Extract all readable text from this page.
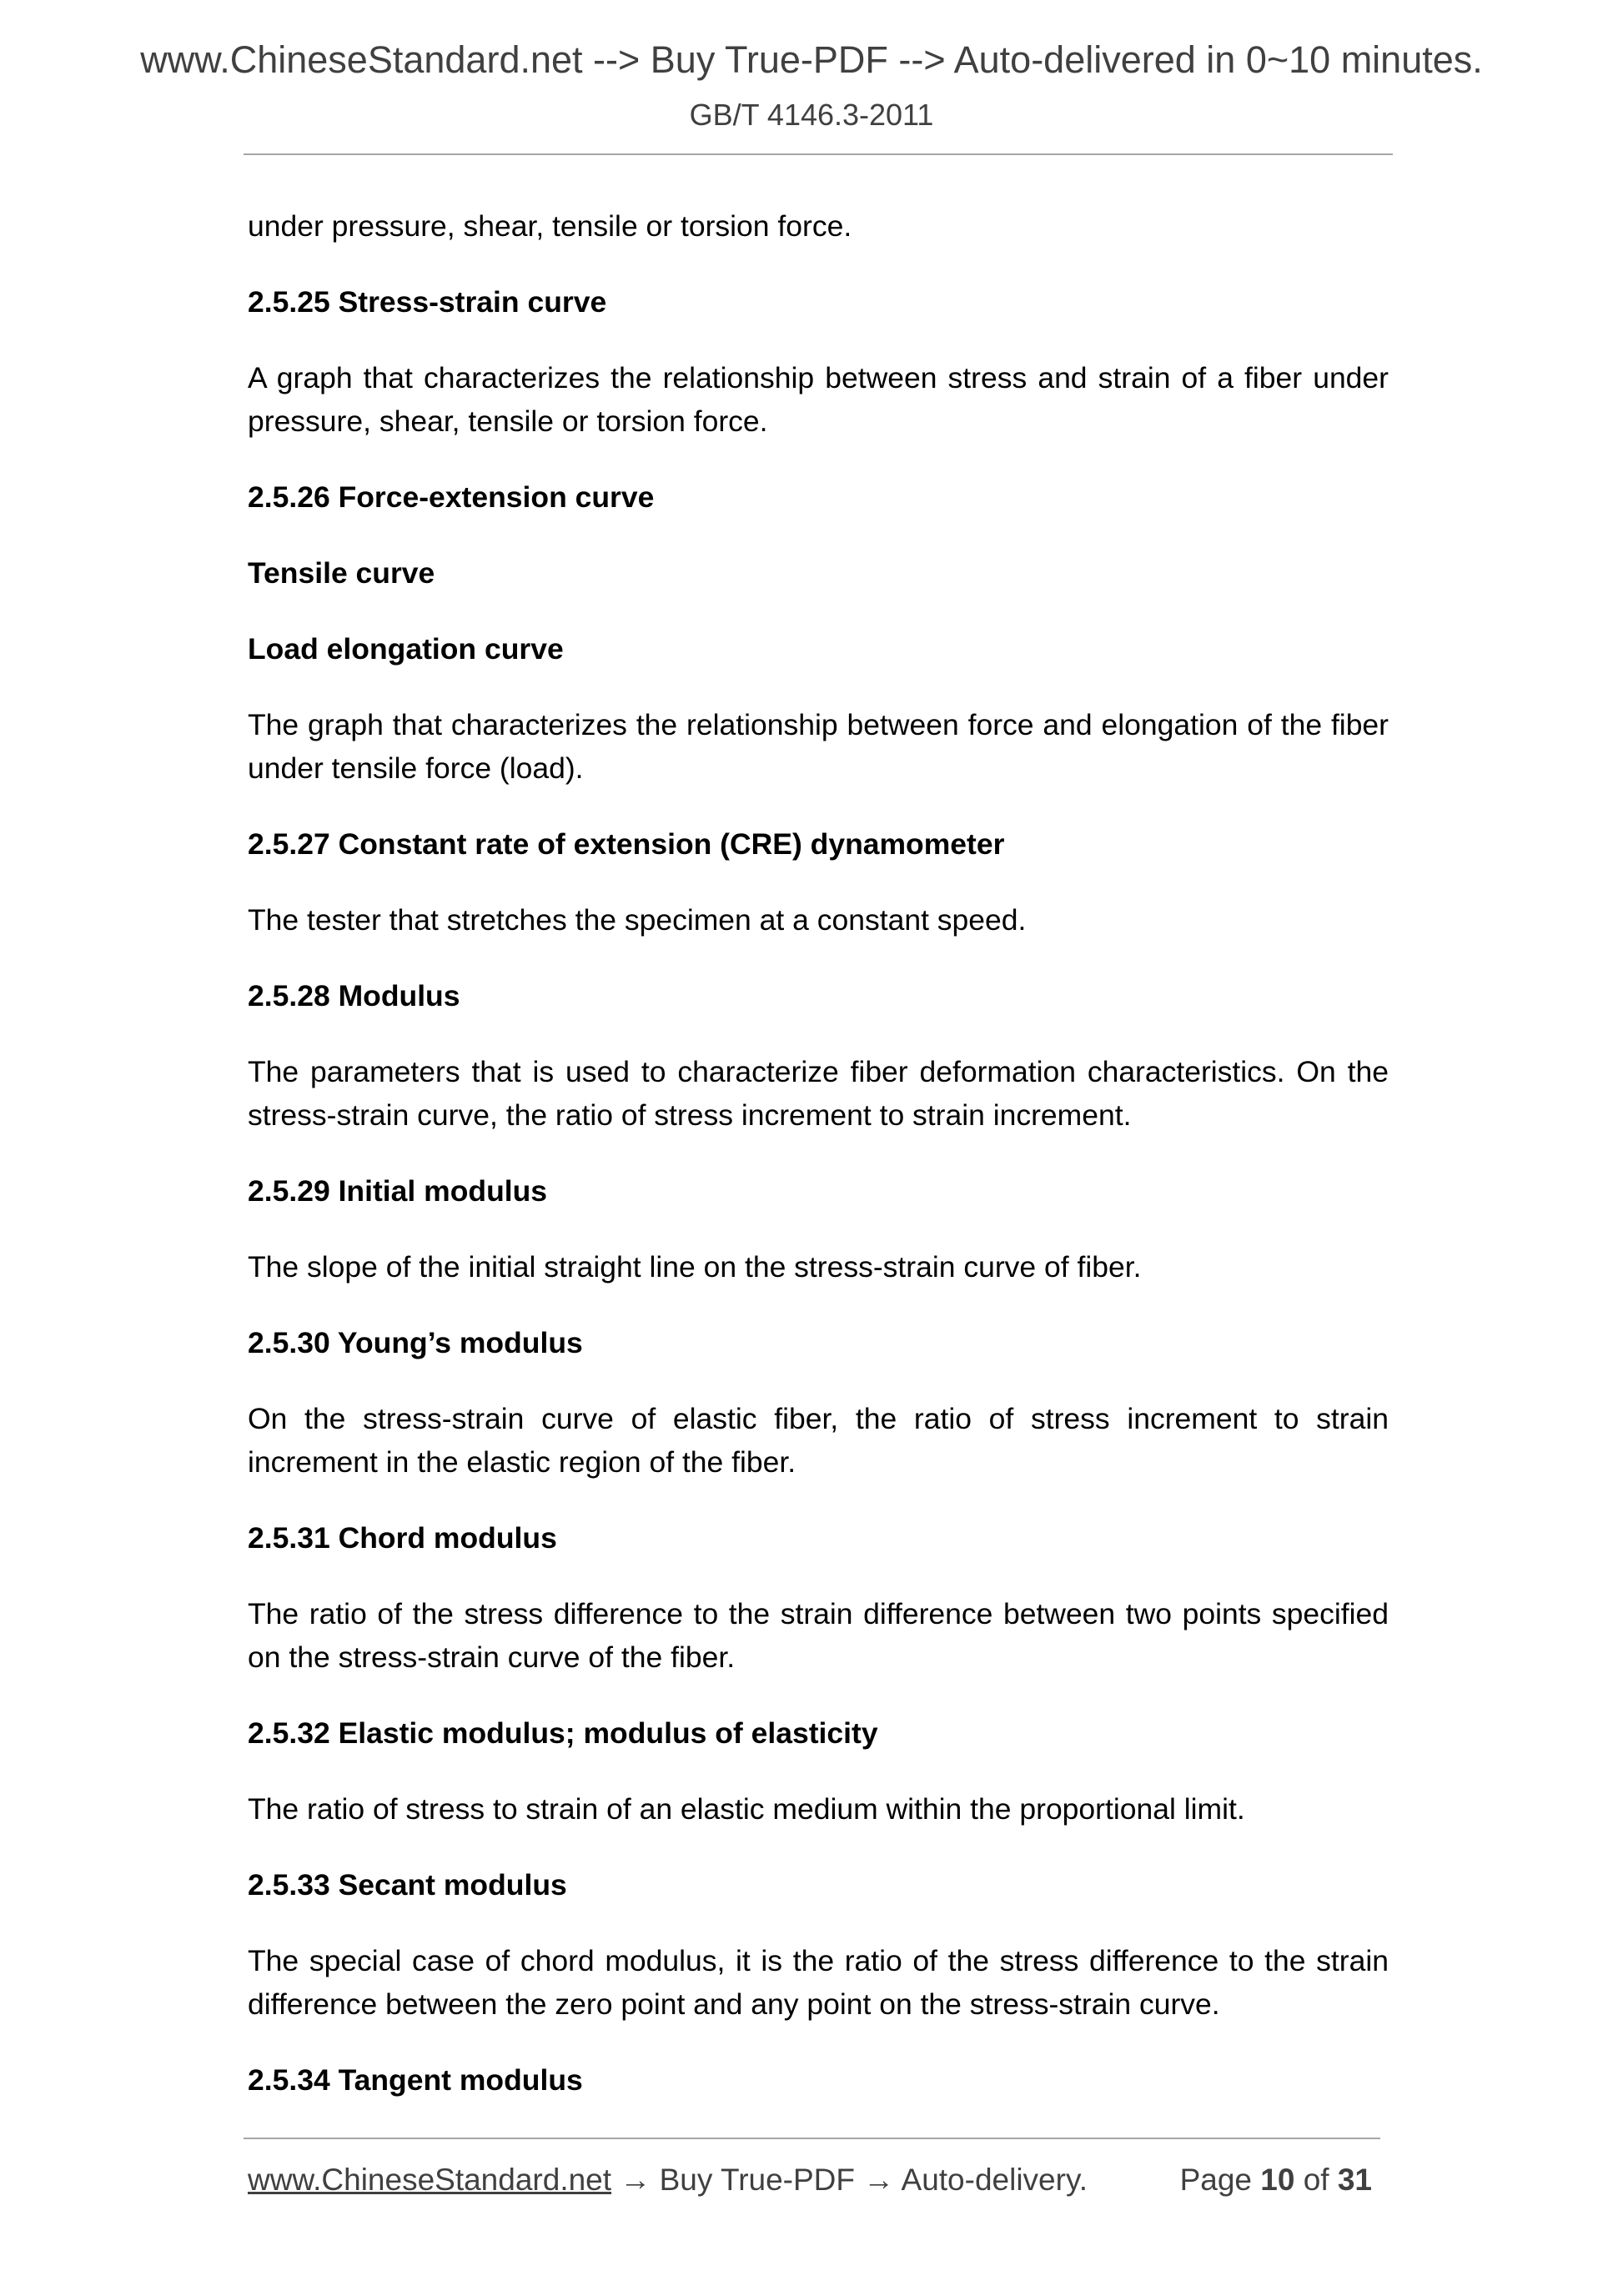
www.ChineseStandard.net --> Buy True-PDF --> Auto-delivered in 0~10 minutes.
GB/T 4146.3-2011

under pressure, shear, tensile or torsion force.

2.5.25 Stress-strain curve

A graph that characterizes the relationship between stress and strain of a fiber under pressure, shear, tensile or torsion force.

2.5.26 Force-extension curve

Tensile curve

Load elongation curve

The graph that characterizes the relationship between force and elongation of the fiber under tensile force (load).

2.5.27 Constant rate of extension (CRE) dynamometer

The tester that stretches the specimen at a constant speed.

2.5.28 Modulus

The parameters that is used to characterize fiber deformation characteristics. On the stress-strain curve, the ratio of stress increment to strain increment.

2.5.29 Initial modulus

The slope of the initial straight line on the stress-strain curve of fiber.

2.5.30 Young’s modulus

On the stress-strain curve of elastic fiber, the ratio of stress increment to strain increment in the elastic region of the fiber.

2.5.31 Chord modulus

The ratio of the stress difference to the strain difference between two points specified on the stress-strain curve of the fiber.

2.5.32 Elastic modulus; modulus of elasticity

The ratio of stress to strain of an elastic medium within the proportional limit.

2.5.33 Secant modulus

The special case of chord modulus, it is the ratio of the stress difference to the strain difference between the zero point and any point on the stress-strain curve.

2.5.34 Tangent modulus

www.ChineseStandard.net → Buy True-PDF → Auto-delivery.	Page 10 of 31
